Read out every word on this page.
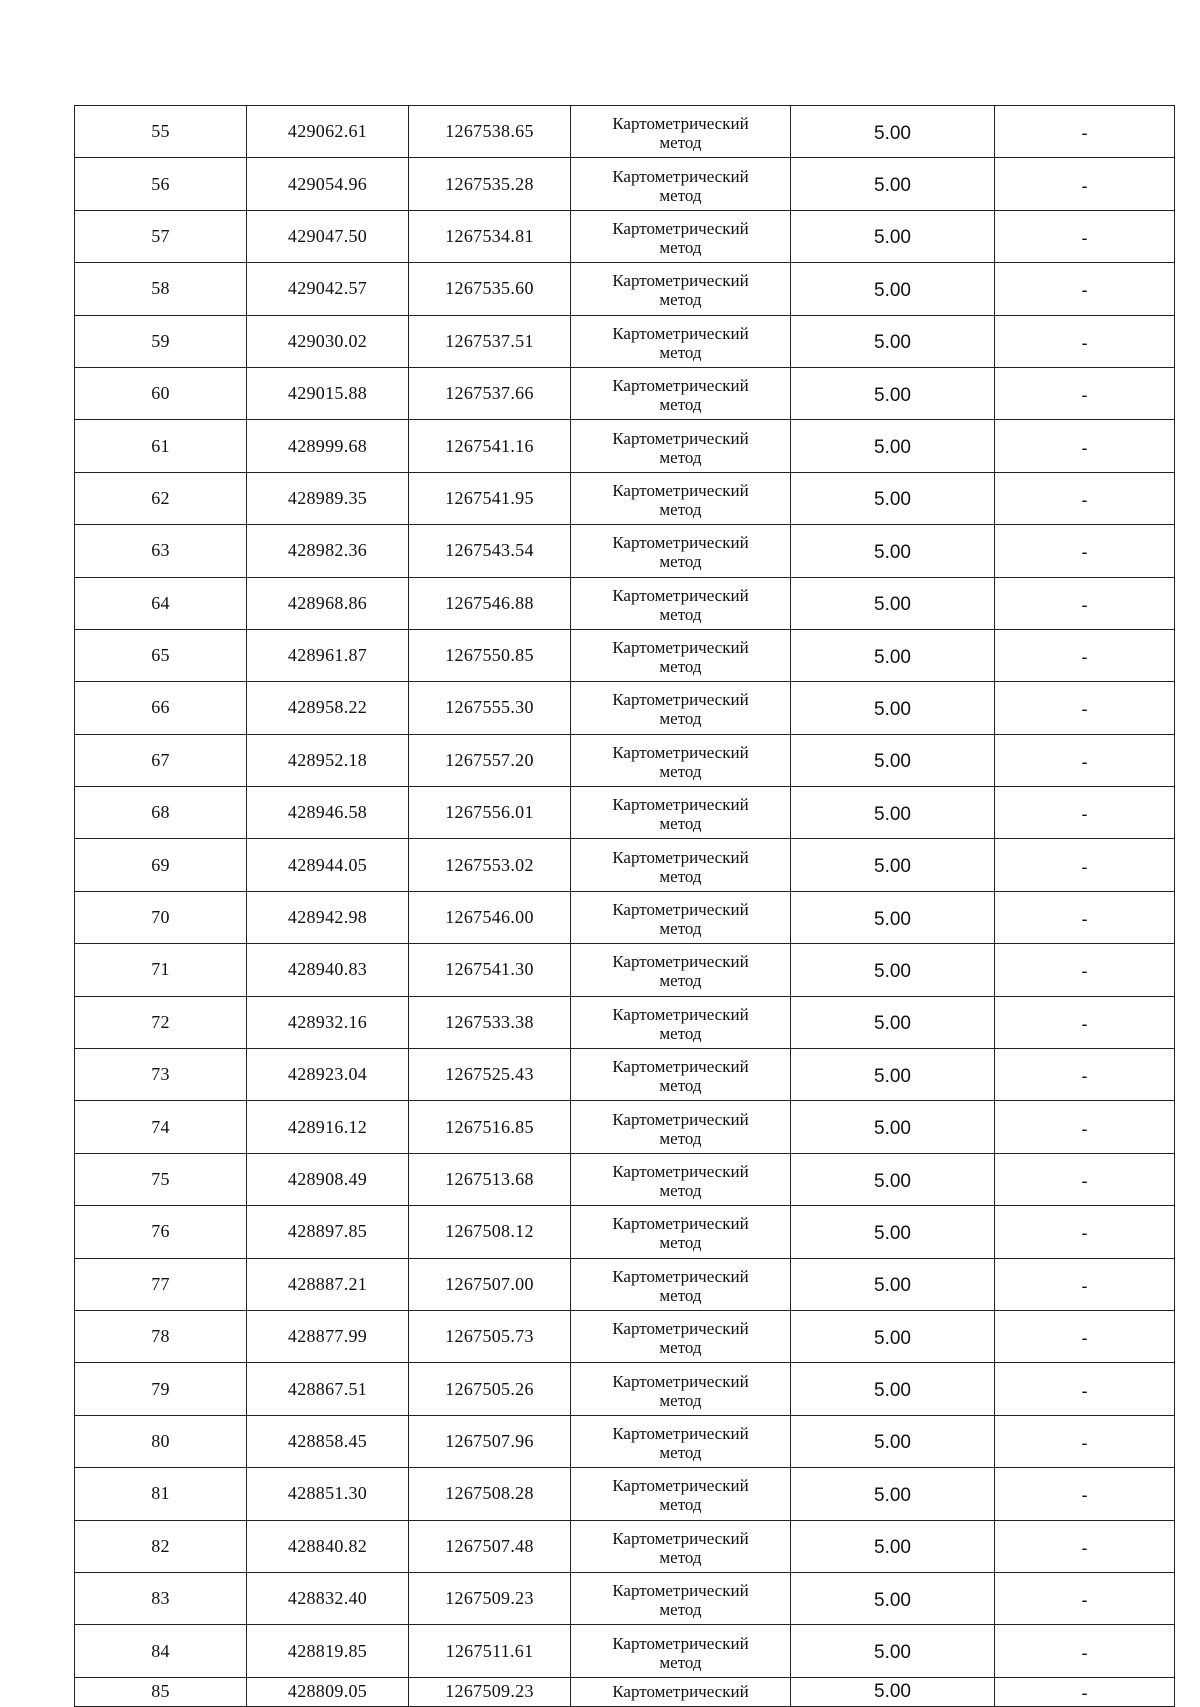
55	429062.61	1267538.65	Картометрический метод	5.00	-
56	429054.96	1267535.28	Картометрический метод	5.00	-
57	429047.50	1267534.81	Картометрический метод	5.00	-
58	429042.57	1267535.60	Картометрический метод	5.00	-
59	429030.02	1267537.51	Картометрический метод	5.00	-
60	429015.88	1267537.66	Картометрический метод	5.00	-
61	428999.68	1267541.16	Картометрический метод	5.00	-
62	428989.35	1267541.95	Картометрический метод	5.00	-
63	428982.36	1267543.54	Картометрический метод	5.00	-
64	428968.86	1267546.88	Картометрический метод	5.00	-
65	428961.87	1267550.85	Картометрический метод	5.00	-
66	428958.22	1267555.30	Картометрический метод	5.00	-
67	428952.18	1267557.20	Картометрический метод	5.00	-
68	428946.58	1267556.01	Картометрический метод	5.00	-
69	428944.05	1267553.02	Картометрический метод	5.00	-
70	428942.98	1267546.00	Картометрический метод	5.00	-
71	428940.83	1267541.30	Картометрический метод	5.00	-
72	428932.16	1267533.38	Картометрический метод	5.00	-
73	428923.04	1267525.43	Картометрический метод	5.00	-
74	428916.12	1267516.85	Картометрический метод	5.00	-
75	428908.49	1267513.68	Картометрический метод	5.00	-
76	428897.85	1267508.12	Картометрический метод	5.00	-
77	428887.21	1267507.00	Картометрический метод	5.00	-
78	428877.99	1267505.73	Картометрический метод	5.00	-
79	428867.51	1267505.26	Картометрический метод	5.00	-
80	428858.45	1267507.96	Картометрический метод	5.00	-
81	428851.30	1267508.28	Картометрический метод	5.00	-
82	428840.82	1267507.48	Картометрический метод	5.00	-
83	428832.40	1267509.23	Картометрический метод	5.00	-
84	428819.85	1267511.61	Картометрический метод	5.00	-
85	428809.05	1267509.23	Картометрический	5.00	-
